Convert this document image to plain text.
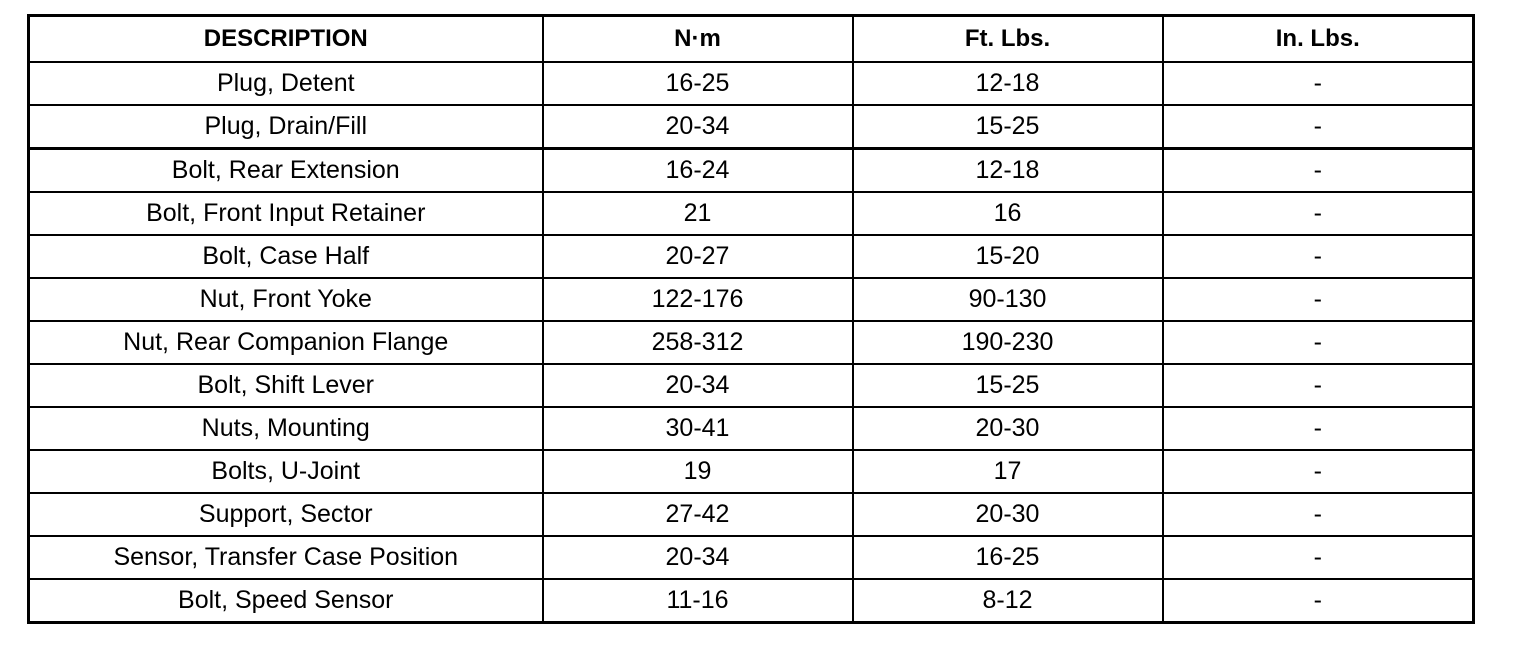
DESCRIPTION	N·m	Ft. Lbs.	In. Lbs.
Plug, Detent	16-25	12-18	-
Plug, Drain/Fill	20-34	15-25	-
Bolt, Rear Extension	16-24	12-18	-
Bolt, Front Input Retainer	21	16	-
Bolt, Case Half	20-27	15-20	-
Nut, Front Yoke	122-176	90-130	-
Nut, Rear Companion Flange	258-312	190-230	-
Bolt, Shift Lever	20-34	15-25	-
Nuts, Mounting	30-41	20-30	-
Bolts, U-Joint	19	17	-
Support, Sector	27-42	20-30	-
Sensor, Transfer Case Position	20-34	16-25	-
Bolt, Speed Sensor	11-16	8-12	-
